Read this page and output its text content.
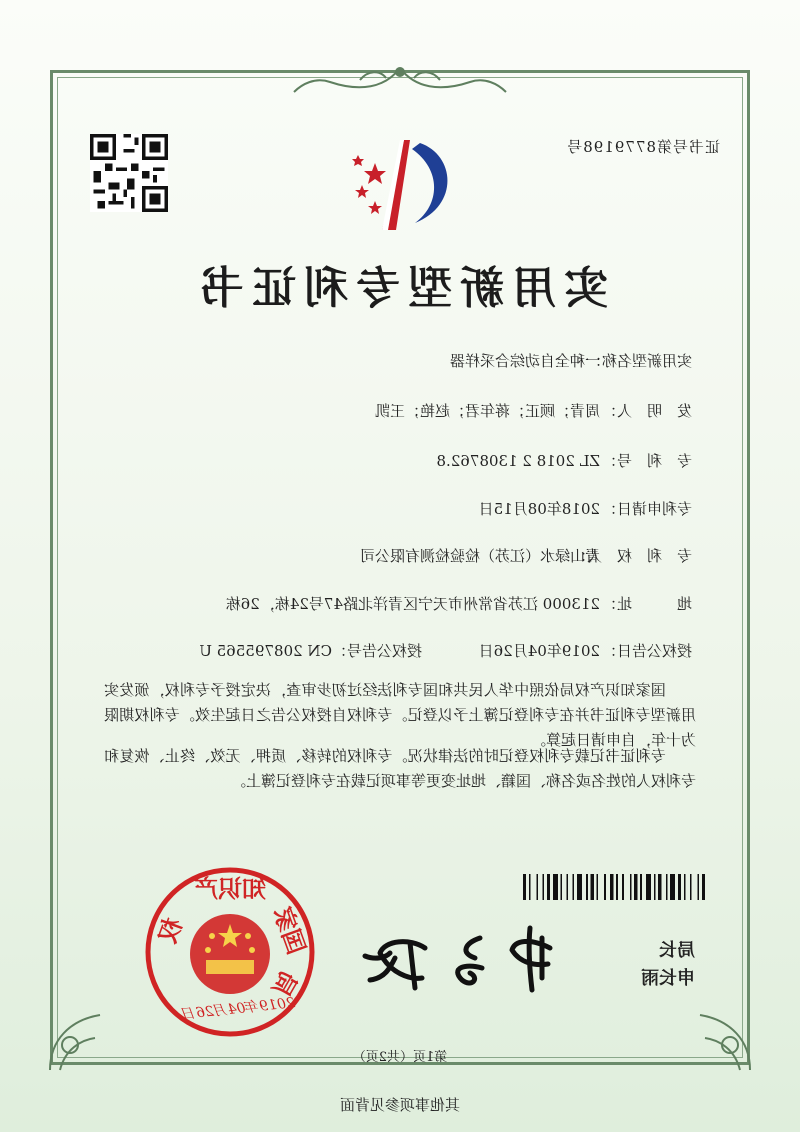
证书号第8779198号
实用新型专利证书
实用新型名称：一种全自动综合采样器
发　明　人：周青；顾正；蒋年君；赵艳；王凯
专　利　号：ZL 2018 2 1308762.8
专利申请日：2018年08月15日
专　利　权　人：青山绿水（江苏）检验检测有限公司
地　　　址：213000 江苏省常州市天宁区青洋北路47号24栋，26栋
授权公告日：2019年04月26日授权公告号：CN 208795565 U
国家知识产权局依照中华人民共和国专利法经过初步审查，决定授予专利权，颁发实用新型专利证书并在专利登记簿上予以登记。专利权自授权公告之日起生效。专利权期限为十年，自申请日起算。
专利证书记载专利权登记时的法律状况。专利权的转移、质押、无效、终止、恢复和专利权人的姓名或名称、国籍、地址变更等事项记载在专利登记簿上。
局长
申长雨
知识产
国家
权
局
2019年04月26日
第1页（共2页）
其他事项参见背面
